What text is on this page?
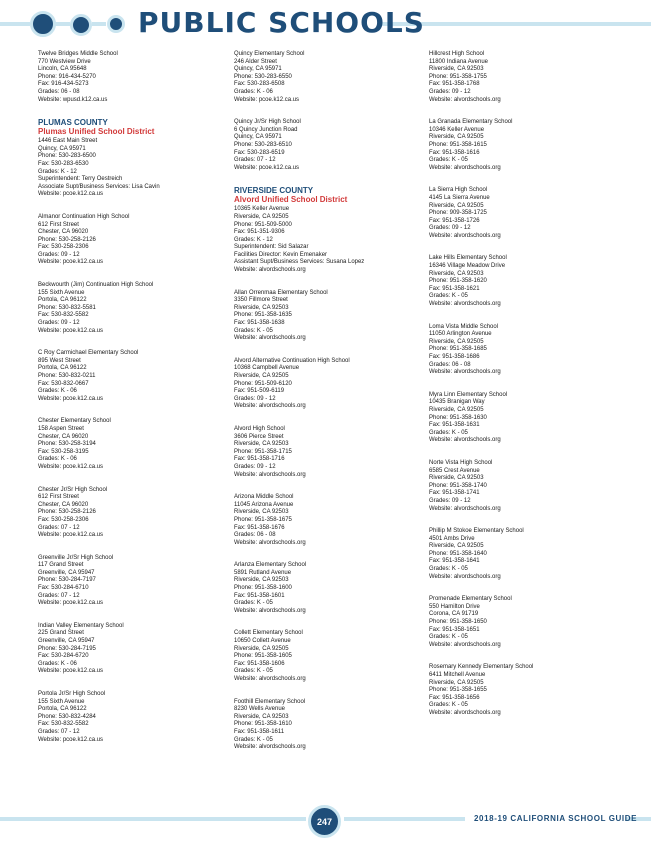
PUBLIC SCHOOLS
Twelve Bridges Middle School
770 Westview Drive
Lincoln, CA 95648
Phone: 916-434-5270
Fax: 916-434-5273
Grades: 06 - 08
Website: wpusd.k12.ca.us
PLUMAS COUNTY
Plumas Unified School District
1446 East Main Street
Quincy, CA 95971
Phone: 530-283-6500
Fax: 530-283-6530
Grades: K - 12
Superintendent: Terry Oestreich
Associate Supt/Business Services: Lisa Cavin
Website: pcoe.k12.ca.us
Almanor Continuation High School
612 First Street
Chester, CA 96020
Phone: 530-258-2126
Fax: 530-258-2306
Grades: 09 - 12
Website: pcoe.k12.ca.us
Beckwourth (Jim) Continuation High School
155 Sixth Avenue
Portola, CA 96122
Phone: 530-832-5581
Fax: 530-832-5582
Grades: 09 - 12
Website: pcoe.k12.ca.us
C Roy Carmichael Elementary School
895 West Street
Portola, CA 96122
Phone: 530-832-0211
Fax: 530-832-0667
Grades: K - 06
Website: pcoe.k12.ca.us
Chester Elementary School
158 Aspen Street
Chester, CA 96020
Phone: 530-258-3194
Fax: 530-258-3195
Grades: K - 06
Website: pcoe.k12.ca.us
Chester Jr/Sr High School
612 First Street
Chester, CA 96020
Phone: 530-258-2126
Fax: 530-258-2306
Grades: 07 - 12
Website: pcoe.k12.ca.us
Greenville Jr/Sr High School
117 Grand Street
Greenville, CA 95947
Phone: 530-284-7197
Fax: 530-284-6710
Grades: 07 - 12
Website: pcoe.k12.ca.us
Indian Valley Elementary School
225 Grand Street
Greenville, CA 95947
Phone: 530-284-7195
Fax: 530-284-6720
Grades: K - 06
Website: pcoe.k12.ca.us
Portola Jr/Sr High School
155 Sixth Avenue
Portola, CA 96122
Phone: 530-832-4284
Fax: 530-832-5582
Grades: 07 - 12
Website: pcoe.k12.ca.us
Quincy Elementary School
246 Alder Street
Quincy, CA 95971
Phone: 530-283-6550
Fax: 530-283-6508
Grades: K - 06
Website: pcoe.k12.ca.us
Quincy Jr/Sr High School
6 Quincy Junction Road
Quincy, CA 95971
Phone: 530-283-6510
Fax: 530-283-6519
Grades: 07 - 12
Website: pcoe.k12.ca.us
RIVERSIDE COUNTY
Alvord Unified School District
10365 Keller Avenue
Riverside, CA 92505
Phone: 951-509-5000
Fax: 951-351-9306
Grades: K - 12
Superintendent: Sid Salazar
Facilities Director: Kevin Emenaker
Assistant Supt/Business Services: Susana Lopez
Website: alvordschools.org
Allan Orrenmaa Elementary School
3350 Fillmore Street
Riverside, CA 92503
Phone: 951-358-1635
Fax: 951-358-1638
Grades: K - 05
Website: alvordschools.org
Alvord Alternative Continuation High School
10368 Campbell Avenue
Riverside, CA 92505
Phone: 951-509-6120
Fax: 951-509-6119
Grades: 09 - 12
Website: alvordschools.org
Alvord High School
3606 Pierce Street
Riverside, CA 92503
Phone: 951-358-1715
Fax: 951-358-1716
Grades: 09 - 12
Website: alvordschools.org
Arizona Middle School
11045 Arizona Avenue
Riverside, CA 92503
Phone: 951-358-1675
Fax: 951-358-1676
Grades: 06 - 08
Website: alvordschools.org
Arlanza Elementary School
5891 Rutland Avenue
Riverside, CA 92503
Phone: 951-358-1600
Fax: 951-358-1601
Grades: K - 05
Website: alvordschools.org
Collett Elementary School
10650 Collett Avenue
Riverside, CA 92505
Phone: 951-358-1605
Fax: 951-358-1606
Grades: K - 05
Website: alvordschools.org
Foothill Elementary School
8230 Wells Avenue
Riverside, CA 92503
Phone: 951-358-1610
Fax: 951-358-1611
Grades: K - 05
Website: alvordschools.org
Hillcrest High School
11800 Indiana Avenue
Riverside, CA 92503
Phone: 951-358-1755
Fax: 951-358-1768
Grades: 09 - 12
Website: alvordschools.org
La Granada Elementary School
10346 Keller Avenue
Riverside, CA 92505
Phone: 951-358-1615
Fax: 951-358-1616
Grades: K - 05
Website: alvordschools.org
La Sierra High School
4145 La Sierra Avenue
Riverside, CA 92505
Phone: 909-358-1725
Fax: 951-358-1726
Grades: 09 - 12
Website: alvordschools.org
Lake Hills Elementary School
16346 Village Meadow Drive
Riverside, CA 92503
Phone: 951-358-1620
Fax: 951-358-1621
Grades: K - 05
Website: alvordschools.org
Loma Vista Middle School
11050 Arlington Avenue
Riverside, CA 92505
Phone: 951-358-1685
Fax: 951-358-1686
Grades: 06 - 08
Website: alvordschools.org
Myra Linn Elementary School
10435 Branigan Way
Riverside, CA 92505
Phone: 951-358-1630
Fax: 951-358-1631
Grades: K - 05
Website: alvordschools.org
Norte Vista High School
6585 Crest Avenue
Riverside, CA 92503
Phone: 951-358-1740
Fax: 951-358-1741
Grades: 09 - 12
Website: alvordschools.org
Phillip M Stokoe Elementary School
4501 Ambs Drive
Riverside, CA 92505
Phone: 951-358-1640
Fax: 951-358-1641
Grades: K - 05
Website: alvordschools.org
Promenade Elementary School
550 Hamilton Drive
Corona, CA 91719
Phone: 951-358-1650
Fax: 951-358-1651
Grades: K - 05
Website: alvordschools.org
Rosemary Kennedy Elementary School
6411 Mitchell Avenue
Riverside, CA 92505
Phone: 951-358-1655
Fax: 951-358-1656
Grades: K - 05
Website: alvordschools.org
247	2018-19 CALIFORNIA SCHOOL GUIDE
